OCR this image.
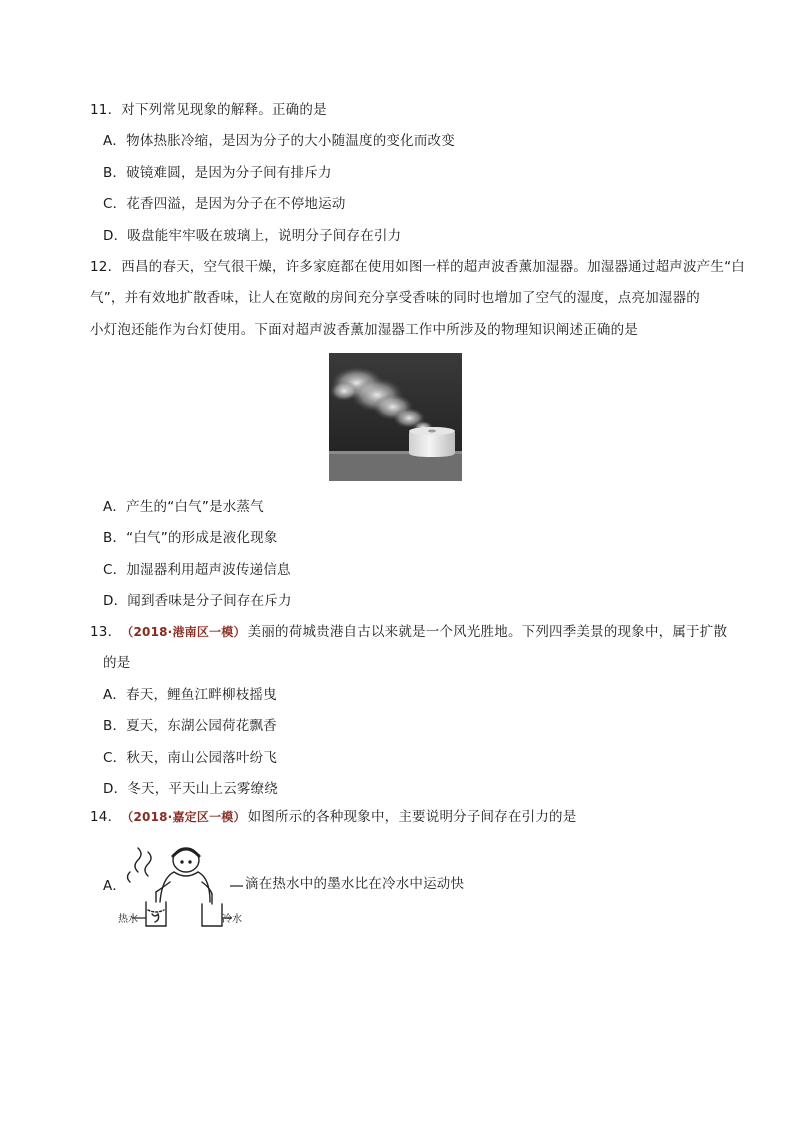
11．对下列常见现象的解释。正确的是
A．物体热胀冷缩，是因为分子的大小随温度的变化而改变
B．破镜难圆，是因为分子间有排斥力
C．花香四溢，是因为分子在不停地运动
D．吸盘能牢牢吸在玻璃上，说明分子间存在引力
12．西昌的春天，空气很干燥，许多家庭都在使用如图一样的超声波香薰加湿器。加湿器通过超声波产生“白
气”，并有效地扩散香味，让人在宽敞的房间充分享受香味的同时也增加了空气的湿度，点亮加湿器的
小灯泡还能作为台灯使用。下面对超声波香薰加湿器工作中所涉及的物理知识阐述正确的是
A．产生的“白气”是水蒸气
B．“白气”的形成是液化现象
C．加湿器利用超声波传递信息
D．闻到香味是分子间存在斥力
13．（2018·港南区一模） 美丽的荷城贵港自古以来就是一个风光胜地。下列四季美景的现象中，属于扩散
的是
A．春天，鲤鱼江畔柳枝摇曳
B．夏天，东湖公园荷花飘香
C．秋天，南山公园落叶纷飞
D．冬天，平天山上云雾缭绕
14．（2018·嘉定区一模） 如图所示的各种现象中，主要说明分子间存在引力的是
A．
热水	冷水
滴在热水中的墨水比在冷水中运动快
